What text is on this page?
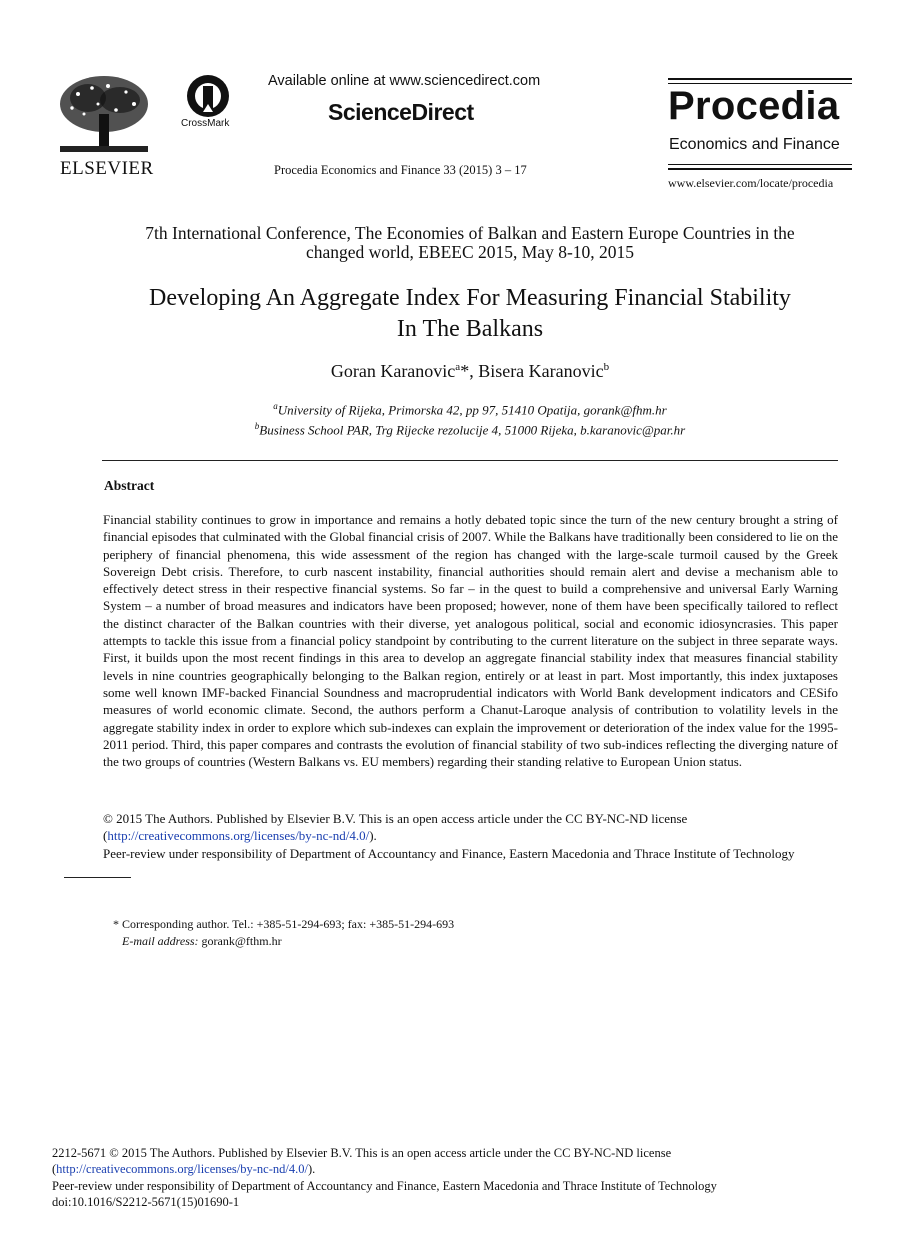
ELSEVIER
CrossMark
Available online at www.sciencedirect.com
ScienceDirect
Procedia Economics and Finance 33 (2015) 3 – 17
Procedia
Economics and Finance
www.elsevier.com/locate/procedia
7th International Conference, The Economies of Balkan and Eastern Europe Countries in the
changed world, EBEEC 2015, May 8-10, 2015
Developing An Aggregate Index For Measuring Financial Stability
In The Balkans
Goran Karanovic$^a$*, Bisera Karanovic$^b$
$^a$University of Rijeka, Primorska 42, pp 97, 51410 Opatija, gorank@fhm.hr
$^b$Business School PAR, Trg Rijecke rezolucije 4, 51000 Rijeka, b.karanovic@par.hr
Abstract
Financial stability continues to grow in importance and remains a hotly debated topic since the turn of the new century brought a string of financial episodes that culminated with the Global financial crisis of 2007. While the Balkans have traditionally been considered to lie on the periphery of financial phenomena, this wide assessment of the region has changed with the large-scale turmoil caused by the Greek Sovereign Debt crisis. Therefore, to curb nascent instability, financial authorities should remain alert and devise a mechanism able to effectively detect stress in their respective financial systems. So far – in the quest to build a comprehensive and universal Early Warning System – a number of broad measures and indicators have been proposed; however, none of them have been specifically tailored to reflect the distinct character of the Balkan countries with their diverse, yet analogous political, social and economic idiosyncrasies. This paper attempts to tackle this issue from a financial policy standpoint by contributing to the current literature on the subject in three separate ways. First, it builds upon the most recent findings in this area to develop an aggregate financial stability index that measures financial stability levels in nine countries geographically belonging to the Balkan region, entirely or at least in part. Most importantly, this index juxtaposes some well known IMF-backed Financial Soundness and macroprudential indicators with World Bank development indicators and CESifo measures of world economic climate. Second, the authors perform a Chanut-Laroque analysis of contribution to volatility levels in the aggregate stability index in order to explore which sub-indexes can explain the improvement or deterioration of the index value for the 1995-2011 period. Third, this paper compares and contrasts the evolution of financial stability of two sub-indices reflecting the diverging nature of the two groups of countries (Western Balkans vs. EU members) regarding their standing relative to European Union status.
© 2015 The Authors. Published by Elsevier B.V. This is an open access article under the CC BY-NC-ND license
(http://creativecommons.org/licenses/by-nc-nd/4.0/).
Peer-review under responsibility of Department of Accountancy and Finance, Eastern Macedonia and Thrace Institute of Technology
* Corresponding author. Tel.: +385-51-294-693; fax: +385-51-294-693
E-mail address: gorank@fthm.hr
2212-5671 © 2015 The Authors. Published by Elsevier B.V. This is an open access article under the CC BY-NC-ND license
(http://creativecommons.org/licenses/by-nc-nd/4.0/).
Peer-review under responsibility of Department of Accountancy and Finance, Eastern Macedonia and Thrace Institute of Technology
doi:10.1016/S2212-5671(15)01690-1
